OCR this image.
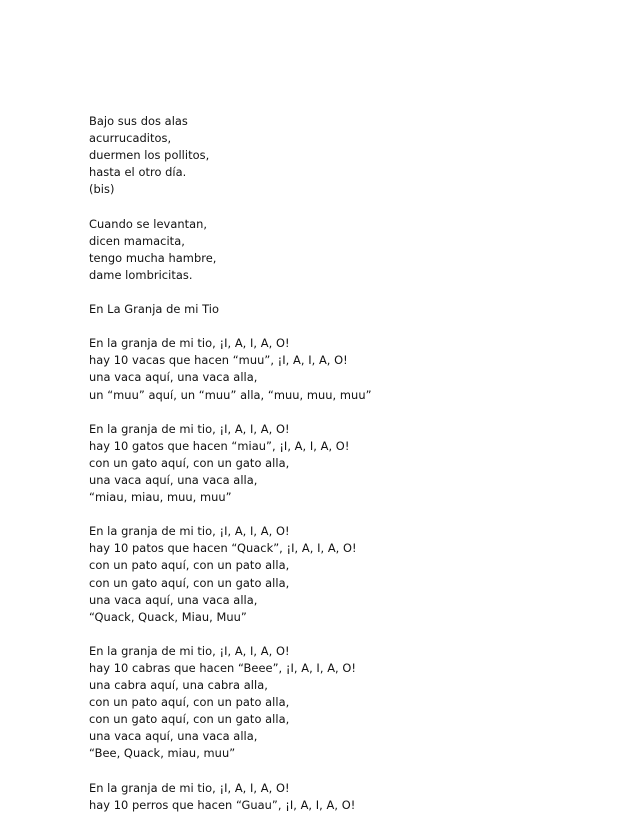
Bajo sus dos alas
acurrucaditos,
duermen los pollitos,
hasta el otro día.
(bis)
Cuando se levantan,
dicen mamacita,
tengo mucha hambre,
dame lombricitas.
En La Granja de mi Tio
En la granja de mi tio, ¡I, A, I, A, O!
hay 10 vacas que hacen “muu”, ¡I, A, I, A, O!
una vaca aquí, una vaca alla,
un “muu” aquí, un “muu” alla, “muu, muu, muu”
En la granja de mi tio, ¡I, A, I, A, O!
hay 10 gatos que hacen “miau”, ¡I, A, I, A, O!
con un gato aquí, con un gato alla,
una vaca aquí, una vaca alla,
“miau, miau, muu, muu”
En la granja de mi tio, ¡I, A, I, A, O!
hay 10 patos que hacen “Quack”, ¡I, A, I, A, O!
con un pato aquí, con un pato alla,
con un gato aquí, con un gato alla,
una vaca aquí, una vaca alla,
“Quack, Quack, Miau, Muu”
En la granja de mi tio, ¡I, A, I, A, O!
hay 10 cabras que hacen “Beee”, ¡I, A, I, A, O!
una cabra aquí, una cabra alla,
con un pato aquí, con un pato alla,
con un gato aquí, con un gato alla,
una vaca aquí, una vaca alla,
“Bee, Quack, miau, muu”
En la granja de mi tio, ¡I, A, I, A, O!
hay 10 perros que hacen “Guau”, ¡I, A, I, A, O!
